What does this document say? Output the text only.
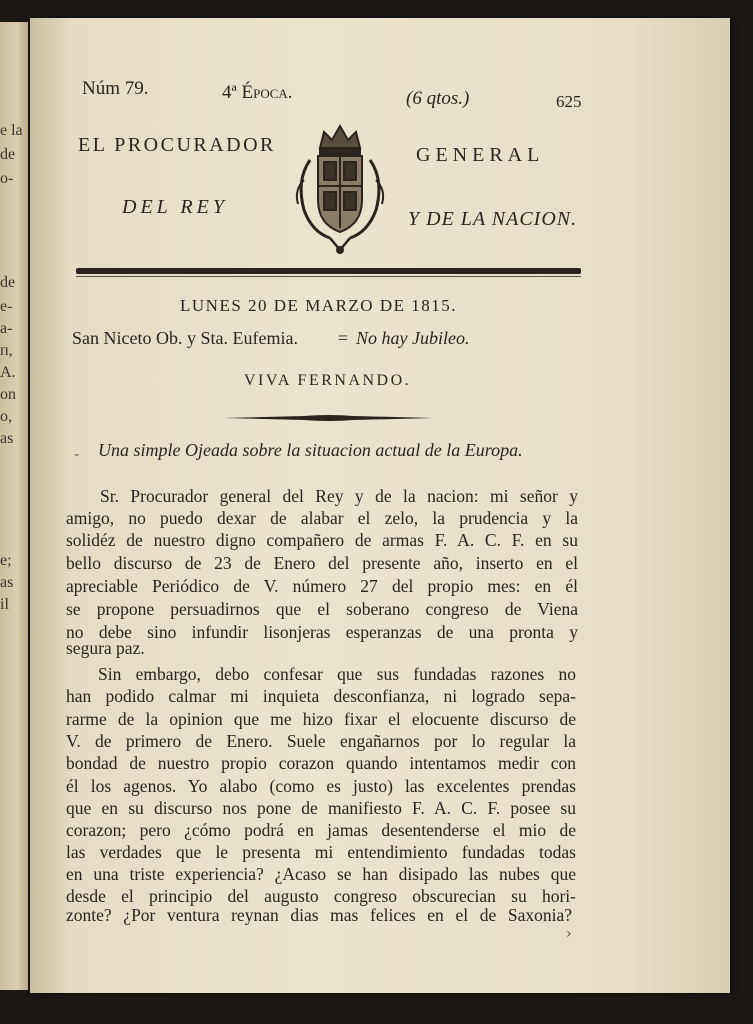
e la
de
o-
de
e-
a-
п,
A.
on
o,
as
e;
as
il
Núm 79.	4ª Época.	(6 qtos.)	625
EL PROCURADOR	GENERAL
DEL REY
Y DE LA NACION.
LUNES 20 DE MARZO DE 1815.
San Niceto Ob. y Sta. Eufemia. = No hay Jubileo.
VIVA FERNANDO.
- Una simple Ojeada sobre la situacion actual de la Europa.
Sr. Procurador general del Rey y de la nacion: mi señor y
amigo, no puedo dexar de alabar el zelo, la prudencia y la
solidéz de nuestro digno compañero de armas F. A. C. F. en su
bello discurso de 23 de Enero del presente año, inserto en el
apreciable Periódico de V. número 27 del propio mes: en él
se propone persuadirnos que el soberano congreso de Viena
no debe sino infundir lisonjeras esperanzas de una pronta y
segura paz.
Sin embargo, debo confesar que sus fundadas razones no
han podido calmar mi inquieta desconfianza, ni logrado sepa-
rarme de la opinion que me hizo fixar el elocuente discurso de
V. de primero de Enero. Suele engañarnos por lo regular la
bondad de nuestro propio corazon quando intentamos medir con
él los agenos. Yo alabo (como es justo) las excelentes prendas
que en su discurso nos pone de manifiesto F. A. C. F. posee su
corazon; pero ¿cómo podrá en jamas desentenderse el mio de
las verdades que le presenta mi entendimiento fundadas todas
en una triste experiencia? ¿Acaso se han disipado las nubes que
desde el principio del augusto congreso obscurecian su hori-
zonte? ¿Por ventura reynan dias mas felices en el de Saxonia?
›
